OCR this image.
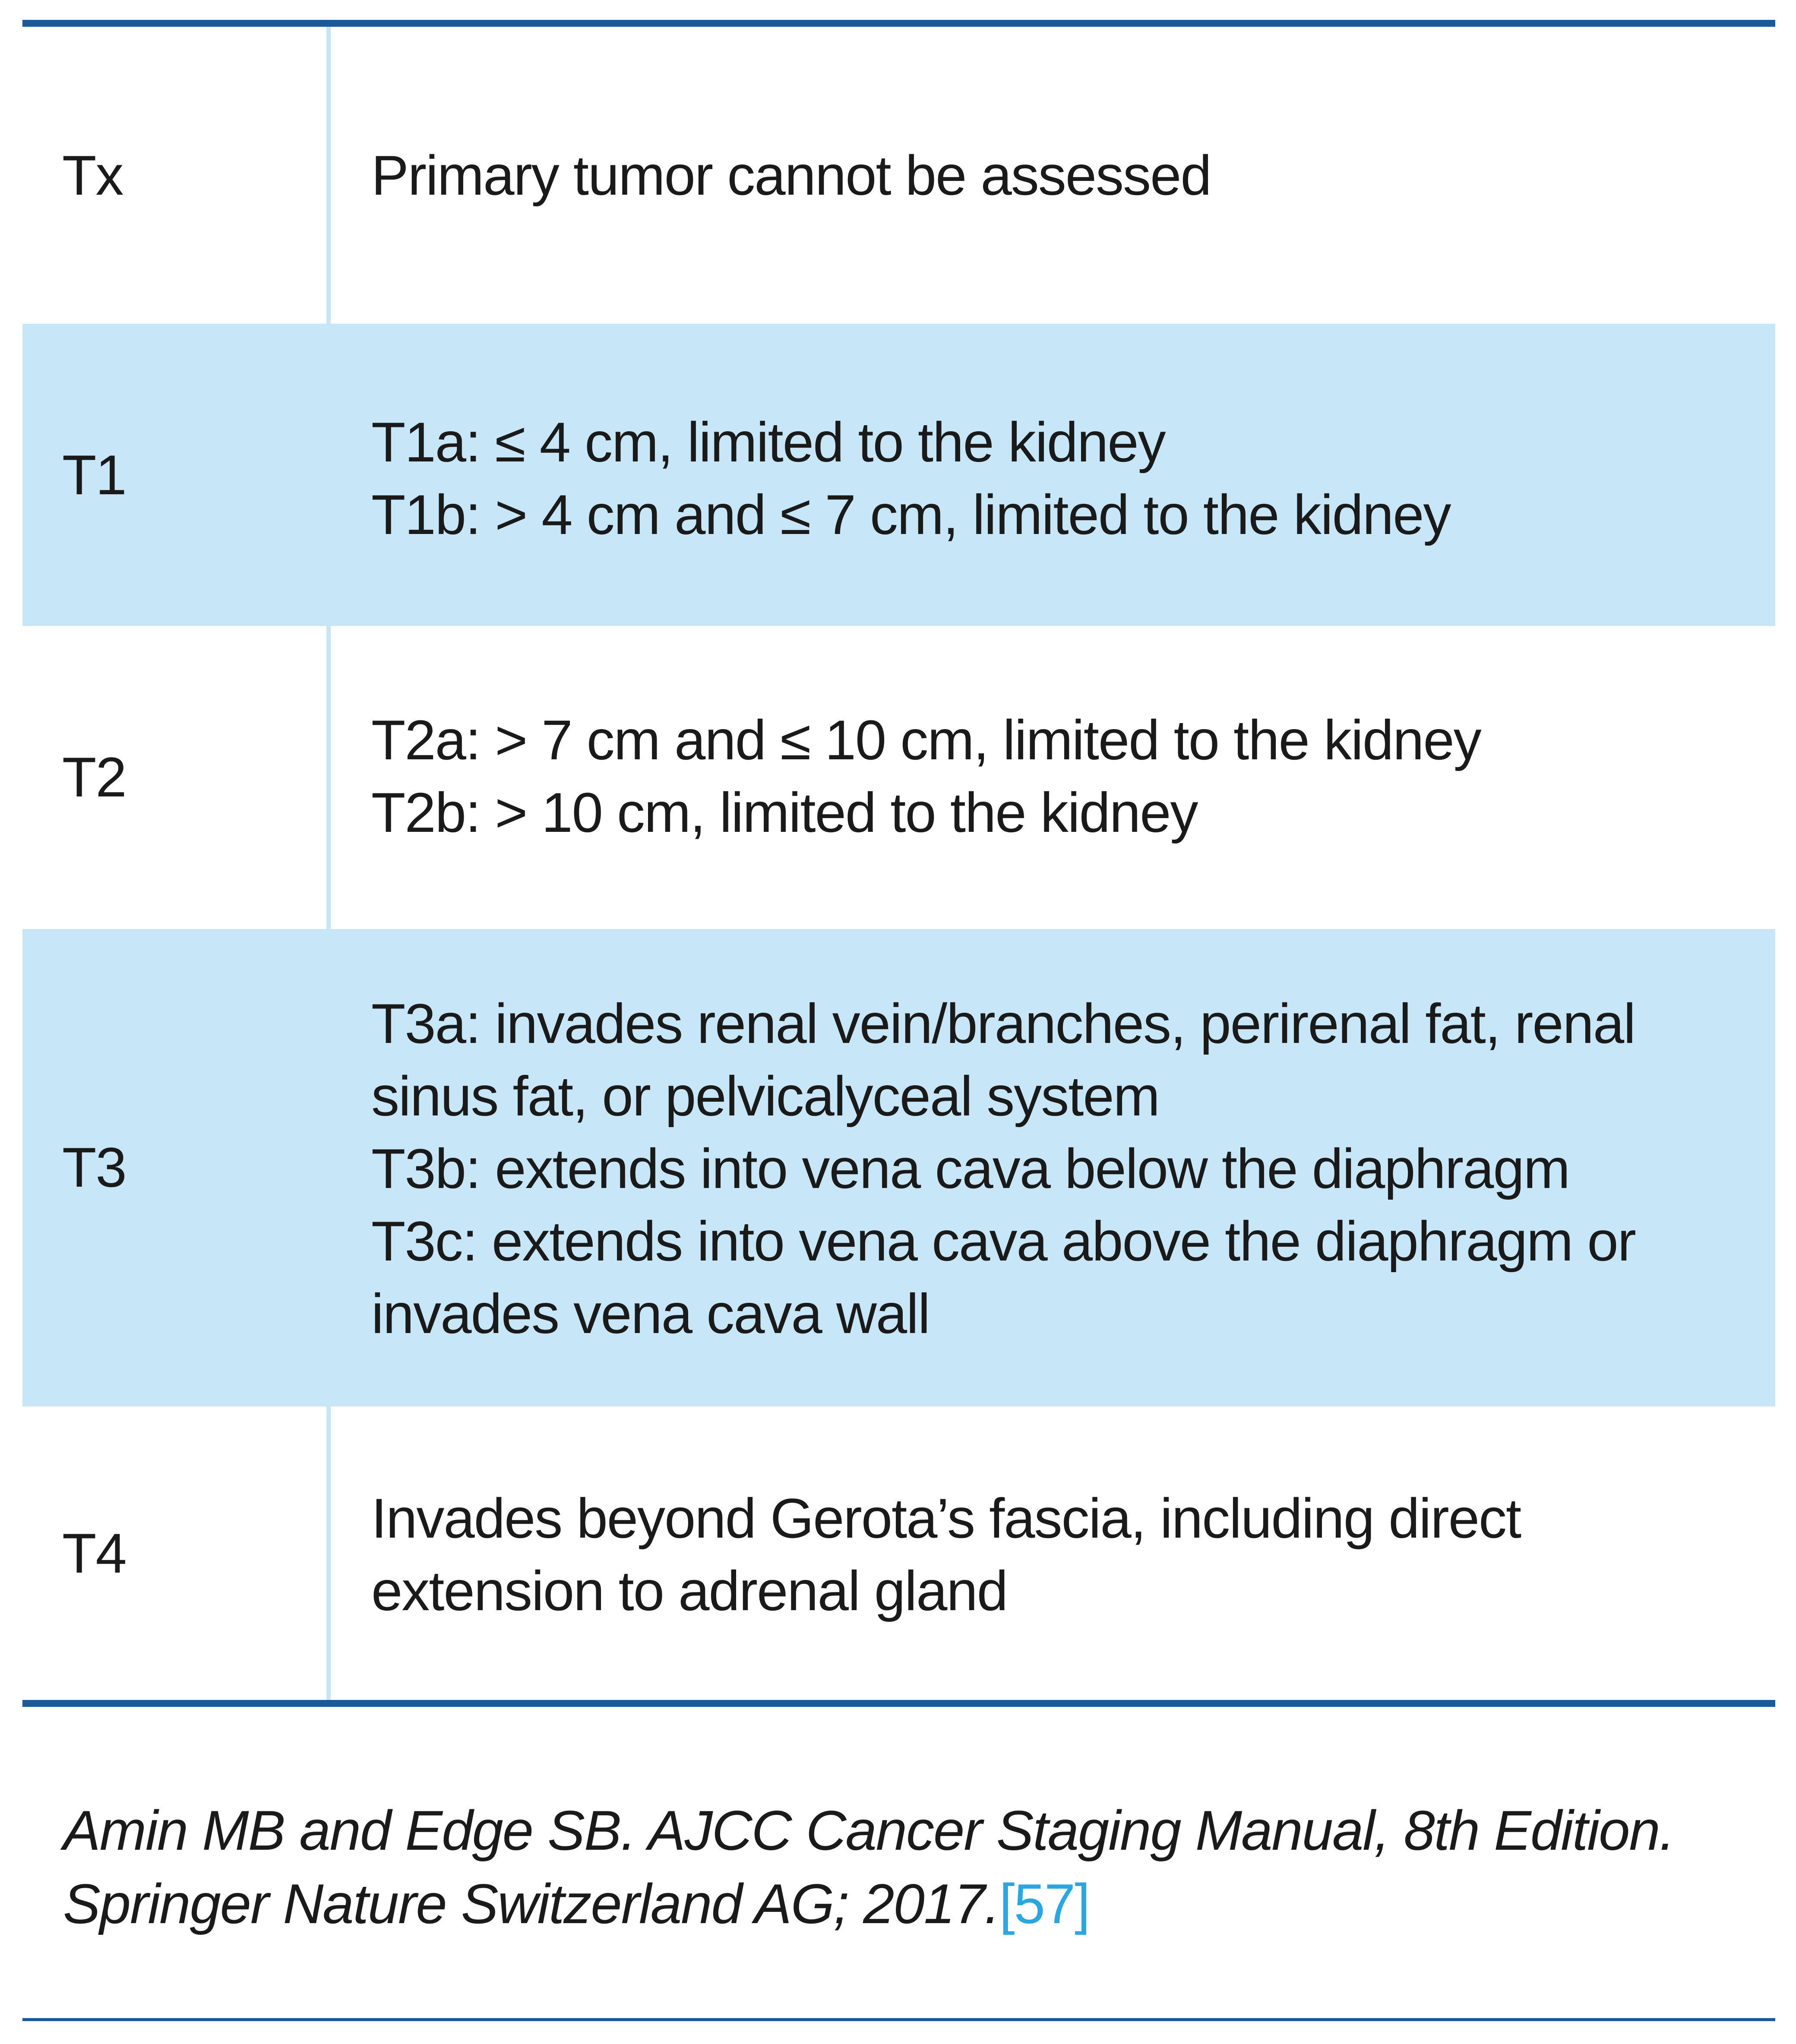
Tx	Primary tumor cannot be assessed
T1
T1a: ≤ 4 cm, limited to the kidney
T1b: > 4 cm and ≤ 7 cm, limited to the kidney
T2
T2a: > 7 cm and ≤ 10 cm, limited to the kidney
T2b: > 10 cm, limited to the kidney
T3
T3a: invades renal vein/branches, perirenal fat, renal
sinus fat, or pelvicalyceal system
T3b: extends into vena cava below the diaphragm
T3c: extends into vena cava above the diaphragm or
invades vena cava wall
T4
Invades beyond Gerota’s fascia, including direct
extension to adrenal gland
Amin MB and Edge SB. AJCC Cancer Staging Manual, 8th Edition.
Springer Nature Switzerland AG; 2017.[57]
